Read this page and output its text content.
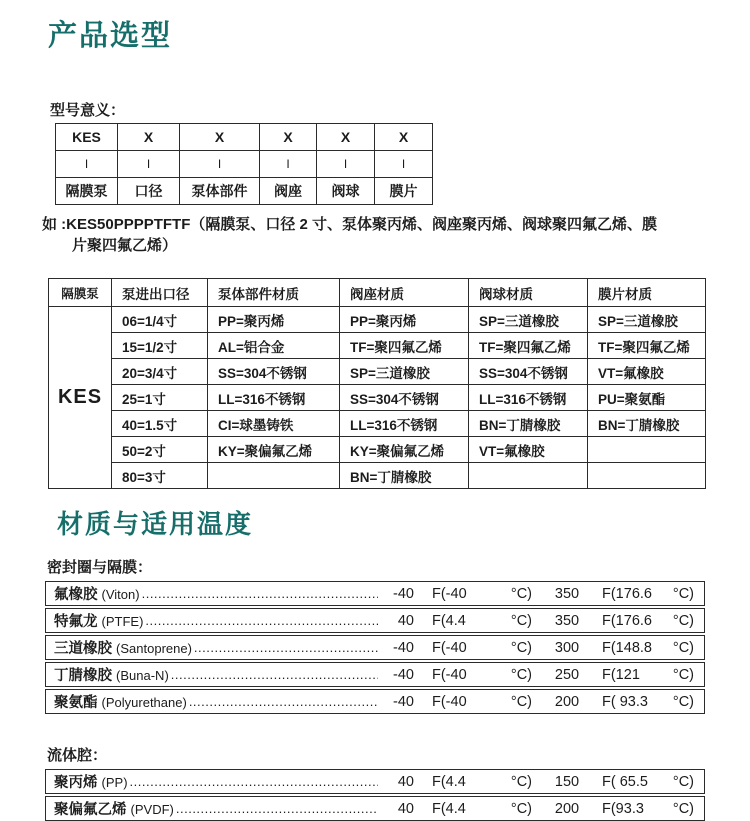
产品选型
型号意义：
KES	X	X	X	X	X
I	I	I	I	I	I
隔膜泵	口径	泵体部件	阀座	阀球	膜片
如 :KES50PPPPTFTF（隔膜泵、口径 2 寸、泵体聚丙烯、阀座聚丙烯、阀球聚四氟乙烯、膜
片聚四氟乙烯）
隔膜泵	泵进出口径	泵体部件材质	阀座材质	阀球材质	膜片材质
KES	06=1/4寸	PP=聚丙烯	PP=聚丙烯	SP=三道橡胶	SP=三道橡胶
	15=1/2寸	AL=铝合金	TF=聚四氟乙烯	TF=聚四氟乙烯	TF=聚四氟乙烯
	20=3/4寸	SS=304不锈钢	SP=三道橡胶	SS=304不锈钢	VT=氟橡胶
	25=1寸	LL=316不锈钢	SS=304不锈钢	LL=316不锈钢	PU=聚氨酯
	40=1.5寸	CI=球墨铸铁	LL=316不锈钢	BN=丁腈橡胶	BN=丁腈橡胶
	50=2寸	KY=聚偏氟乙烯	KY=聚偏氟乙烯	VT=氟橡胶	
	80=3寸		BN=丁腈橡胶		
材质与适用温度
密封圈与隔膜：
氟橡胶 (Viton) .....	-40 F(-40	°C)	350	F(176.6 °C)
特氟龙 (PTFE) .....	40 F(4.4	°C)	350	F(176.6 °C)
三道橡胶 (Santoprene) .....	-40 F(-40	°C)	300	F(148.8 °C)
丁腈橡胶 (Buna-N) .....	-40 F(-40	°C)	250	F(121 °C)
聚氨酯 (Polyurethane) .....	-40 F(-40	°C)	200	F( 93.3 °C)
流体腔：
聚丙烯 (PP) .....	40 F(4.4	°C)	150	F( 65.5 °C)
聚偏氟乙烯 (PVDF) .....	40 F(4.4	°C)	200	F(93.3 °C)
